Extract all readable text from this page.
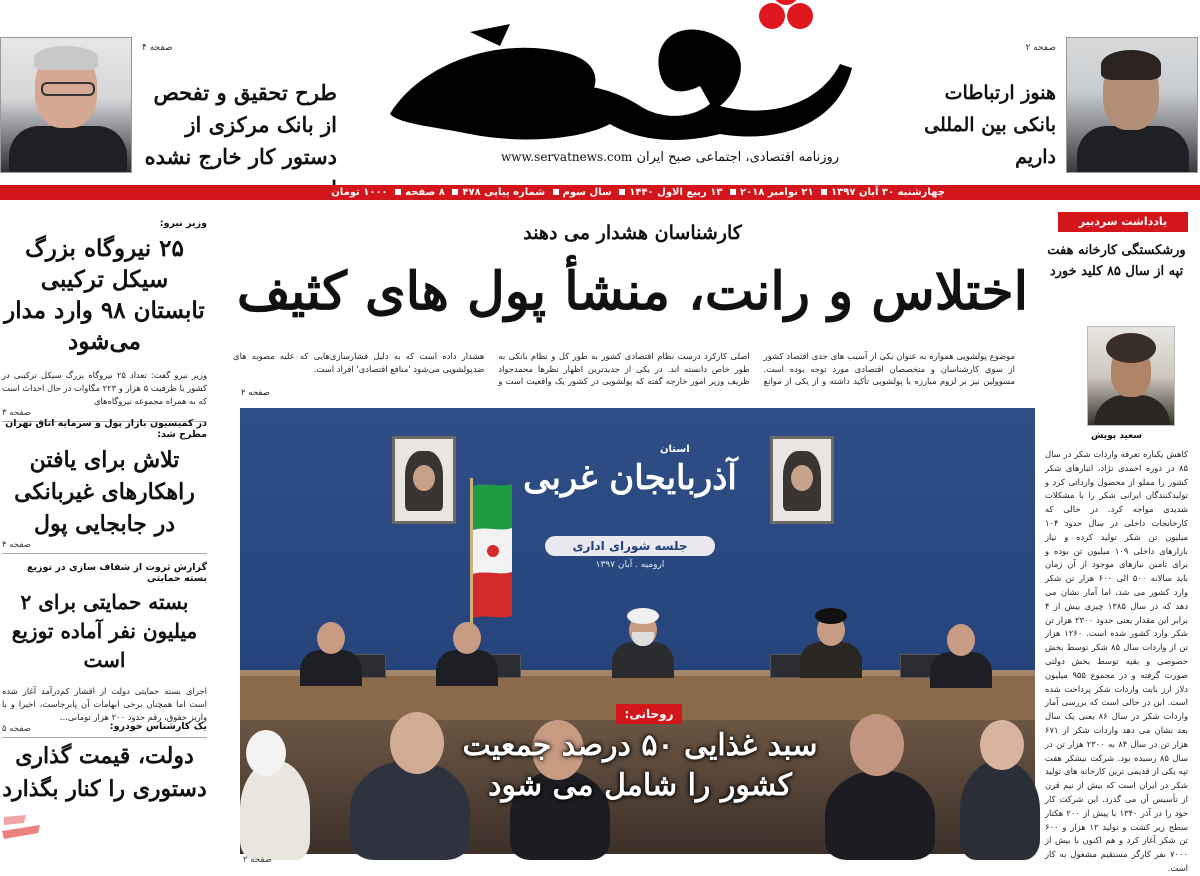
صفحه ۲
هنوز ارتباطات بانکی بین المللی داریم
روزنامه اقتصادی، اجتماعی صبح ایران www.servatnews.com
صفحه ۴
طرح تحقیق و تفحص از بانک مرکزی از دستور کار خارج نشده
چهارشنبه ۳۰ آبان ۱۳۹۷ ۲۱ نوامبر ۲۰۱۸ ۱۳ ربیع الاول ۱۴۴۰ سال سوم شماره پیاپی ۴۷۸ ۸ صفحه ۱۰۰۰ تومان
یادداشت سردبیر
ورشکستگی کارخانه هفت تپه از سال ۸۵ کلید خورد
سعید پویش
کاهش یکباره تعرفه واردات شکر در سال ۸۵ در دوره احمدی نژاد، انبارهای شکر کشور را مملو از محصول وارداتی کرد و تولیدکنندگان ایرانی شکر را با مشکلات شدیدی مواجه کرد. در حالی که کارخانجات داخلی در سال حدود ۱۰۴ میلیون تن شکر تولید کرده و نیاز بازارهای داخلی ۱۰۹ میلیون تن بوده و برای تامین نیازهای موجود از آن زمان باید سالانه ۵۰۰ الی ۶۰۰ هزار تن شکر وارد کشور می شد، اما آمار نشان می دهد که در سال ۱۳۸۵ چیزی بیش از ۴ برابر این مقدار یعنی حدود ۲۳۰۰ هزار تن شکر وارد کشور شده است. ۱۲۶۰ هزار تن از واردات سال ۸۵ شکر توسط بخش خصوصی و بقیه توسط بخش دولتی صورت گرفته و در مجموع ۹۵۵ میلیون دلار ارز بابت واردات شکر پرداخت شده است. این در حالی است که بررسی آمار واردات شکر در سال ۸۶ یعنی یک سال بعد نشان می دهد واردات شکر از ۶۷۱ هزار تن در سال ۸۴ به ۲۳۰۰ هزار تن در سال ۸۵ رسیده بود. شرکت نیشکر هفت تپه یکی از قدیمی ترین کارخانه های تولید شکر در ایران است که بیش از نیم قرن از تأسیس آن می گذرد. این شرکت کار خود را در آذر ۱۳۴۰ با پیش از ۲۰۰ هکتار سطح زیر کشت و تولید ۱۲ هزار و ۶۰۰ تن شکر آغاز کرد و هم اکنون با بیش از ۷۰۰۰ نفر کارگر مستقیم مشغول به کار است.
وزیر نیرو:
۲۵ نیروگاه بزرگ سیکل ترکیبی تابستان ۹۸ وارد مدار می‌شود
وزیر نیرو گفت: تعداد ۲۵ نیروگاه بزرگ سیکل ترکیبی در کشور با ظرفیت ۵ هزار و ۲۲۳ مگاوات در حال احداث است که به همراه مجموعه نیروگاه‌های
صفحه ۳
در کمیسیون بازار پول و سرمایه اتاق تهران مطرح شد:
تلاش برای یافتن راهکارهای غیربانکی در جابجایی پول
صفحه ۴
گزارش ثروت از شفاف سازی در توزیع بسته حمایتی
بسته حمایتی برای ۲ میلیون نفر آماده توزیع است
اجرای بسته حمایتی دولت از اقشار کم‌درآمد آغاز شده است اما همچنان برخی ابهامات آن پابرجاست، اخیرا و با واریز حقوق، رقم حدود ۲۰۰ هزار تومانی...
صفحه ۵	یک کارشناس خودرو:
دولت، قیمت گذاری دستوری را کنار بگذارد
کارشناسان هشدار می دهند
اختلاس و رانت، منشأ پول های کثیف
موضوع پولشویی همواره به عنوان یکی از آسیب های جدی اقتصاد کشور از سوی کارشناسان و متخصصان اقتصادی مورد توجه بوده است. مسوولین نیز بر لزوم مبارزه با پولشویی تأکید داشته و از یکی از موانع اصلی کارکرد درست نظام اقتصادی کشور به طور کل و نظام بانکی به طور خاص دانسته اند. در یکی از جدیدترین اظهار نظرها محمدجواد ظریف وزیر امور خارجه گفته که پولشویی در کشور یک واقعیت است و هشدار داده است که به دلیل فشارسازی‌هایی که علیه مصوبه های ضدپولشویی می‌شود 'منافع اقتصادی' افراد است.
صفحه ۲
استان
آذربایجان غربی
جلسه شورای اداری
ارومیه . آبان ۱۳۹۷
روحانی:
سبد غذایی ۵۰ درصد جمعیت کشور را شامل می شود
صفحه ۲
